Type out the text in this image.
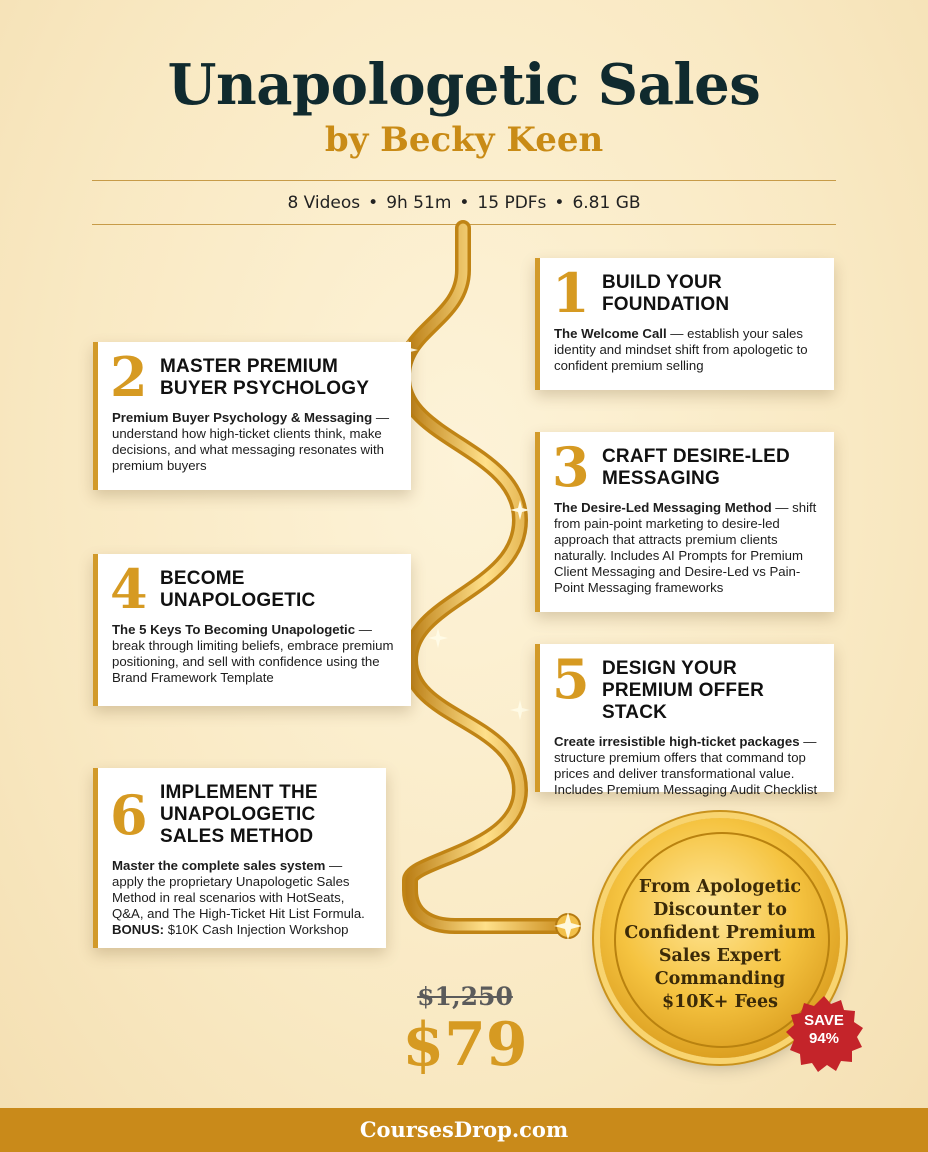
Unapologetic Sales
by Becky Keen
8 Videos • 9h 51m • 15 PDFs • 6.81 GB
1 BUILD YOUR FOUNDATION
The Welcome Call — establish your sales identity and mindset shift from apologetic to confident premium selling
2 MASTER PREMIUM BUYER PSYCHOLOGY
Premium Buyer Psychology & Messaging — understand how high-ticket clients think, make decisions, and what messaging resonates with premium buyers	3 CRAFT DESIRE-LED MESSAGING
The Desire-Led Messaging Method — shift from pain-point marketing to desire-led approach that attracts premium clients naturally. Includes AI Prompts for Premium Client Messaging and Desire-Led vs Pain-Point Messaging frameworks
4 BECOME UNAPOLOGETIC
The 5 Keys To Becoming Unapologetic — break through limiting beliefs, embrace premium positioning, and sell with confidence using the Brand Framework Template	5 DESIGN YOUR PREMIUM OFFER STACK
Create irresistible high-ticket packages — structure premium offers that command top prices and deliver transformational value. Includes Premium Messaging Audit Checklist
6 IMPLEMENT THE UNAPOLOGETIC SALES METHOD
Master the complete sales system — apply the proprietary Unapologetic Sales Method in real scenarios with HotSeats, Q&A, and The High-Ticket Hit List Formula. BONUS: $10K Cash Injection Workshop
From Apologetic Discounter to Confident Premium Sales Expert Commanding $10K+ Fees
SAVE
94%
$1,250
$79
CoursesDrop.com
